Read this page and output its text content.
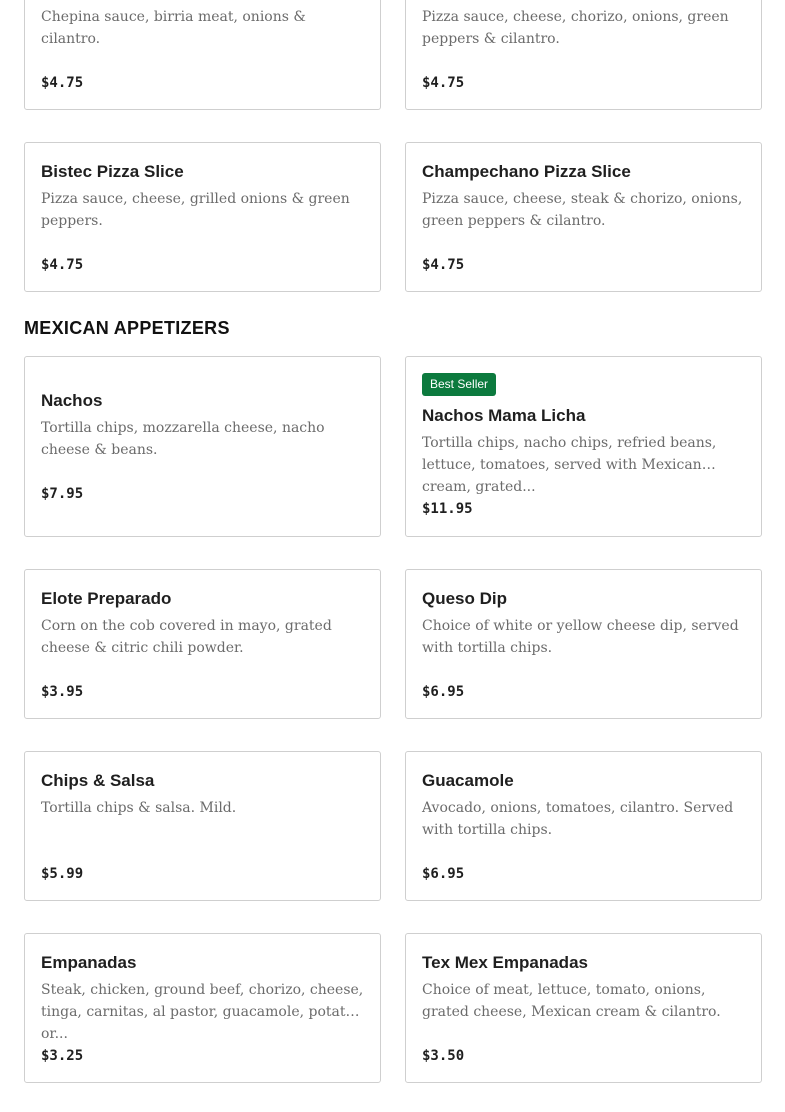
Chepina sauce, birria meat, onions & cilantro.
$4.75
Pizza sauce, cheese, chorizo, onions, green peppers & cilantro.
$4.75
Bistec Pizza Slice
Pizza sauce, cheese, grilled onions & green peppers.
$4.75
Champechano Pizza Slice
Pizza sauce, cheese, steak & chorizo, onions, green peppers & cilantro.
$4.75
MEXICAN APPETIZERS
Nachos
Tortilla chips, mozzarella cheese, nacho cheese & beans.
$7.95
Best Seller
Nachos Mama Licha
Tortilla chips, nacho chips, refried beans, lettuce, tomatoes, served with Mexican cream, grated...
$11.95
Elote Preparado
Corn on the cob covered in mayo, grated cheese & citric chili powder.
$3.95
Queso Dip
Choice of white or yellow cheese dip, served with tortilla chips.
$6.95
Chips & Salsa
Tortilla chips & salsa. Mild.
$5.99
Guacamole
Avocado, onions, tomatoes, cilantro. Served with tortilla chips.
$6.95
Empanadas
Steak, chicken, ground beef, chorizo, cheese, tinga, carnitas, al pastor, guacamole, potato or...
$3.25
Tex Mex Empanadas
Choice of meat, lettuce, tomato, onions, grated cheese, Mexican cream & cilantro.
$3.50
